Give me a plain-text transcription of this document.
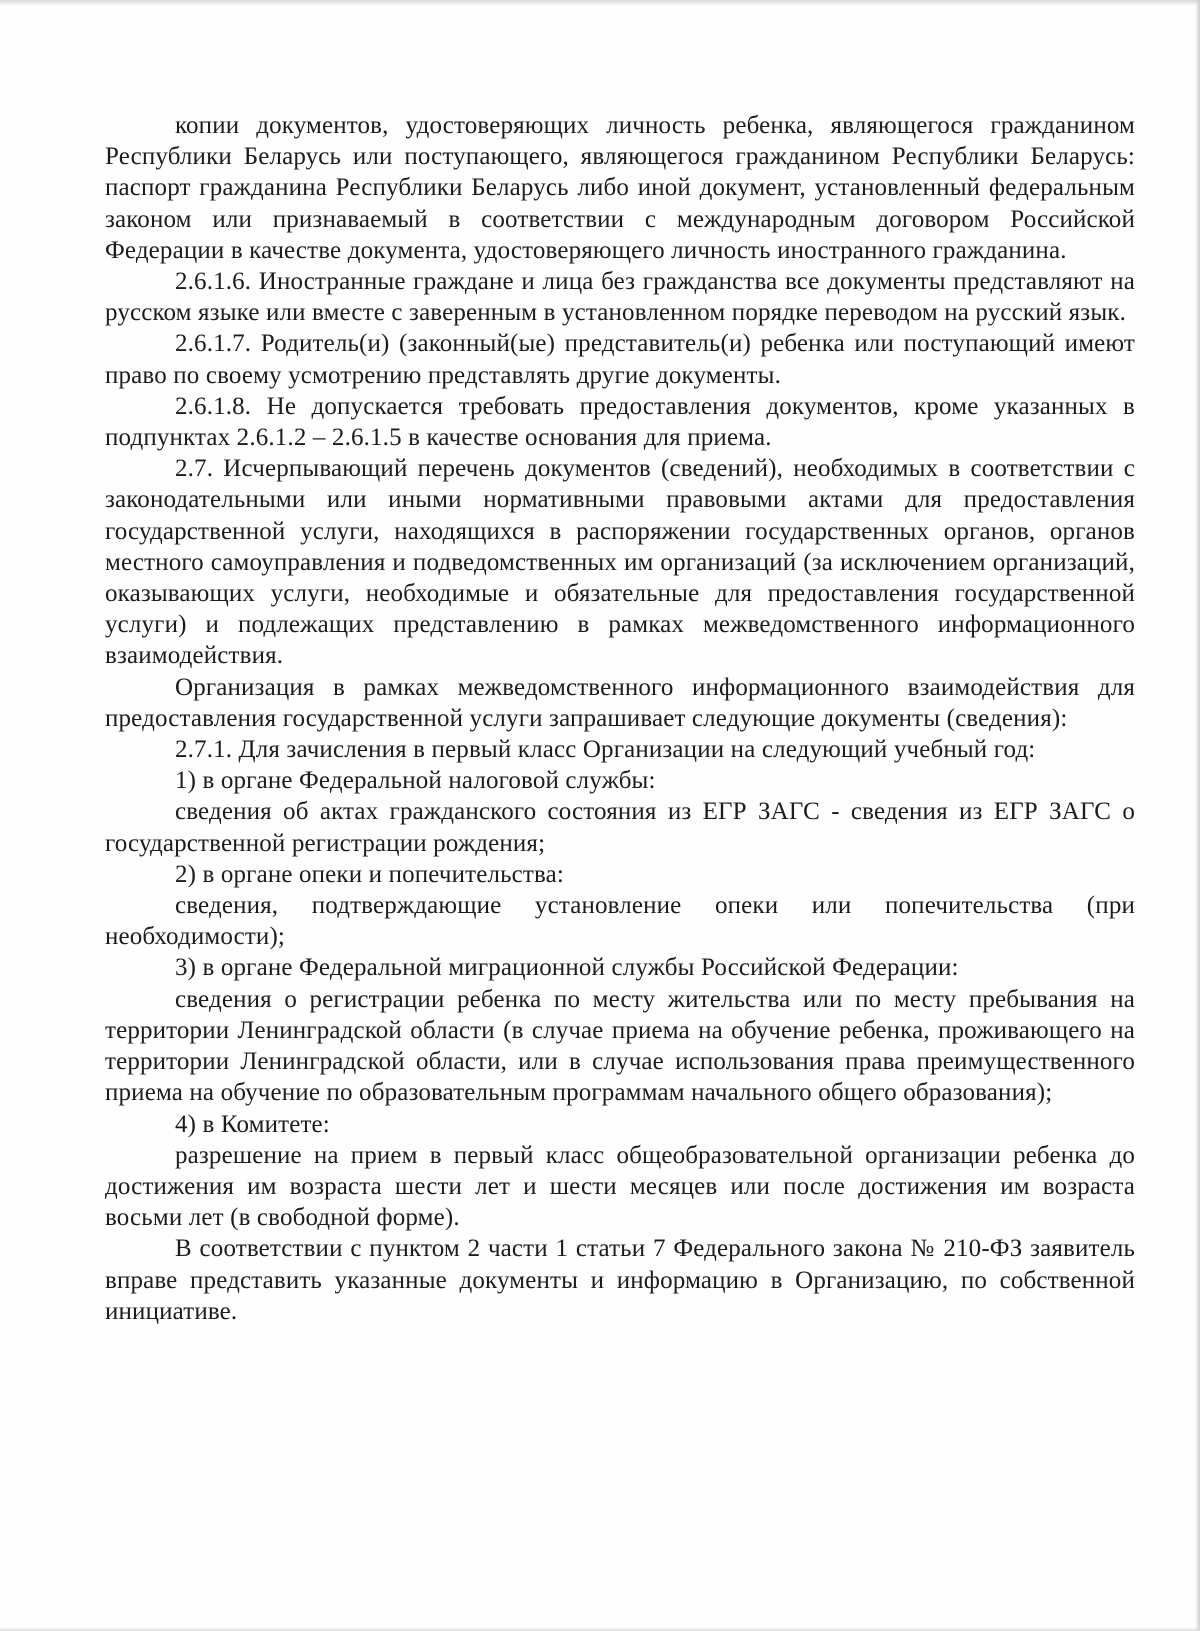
копии документов, удостоверяющих личность ребенка, являющегося гражданином Республики Беларусь или поступающего, являющегося гражданином Республики Беларусь: паспорт гражданина Республики Беларусь либо иной документ, установленный федеральным законом или признаваемый в соответствии с международным договором Российской Федерации в качестве документа, удостоверяющего личность иностранного гражданина.

2.6.1.6. Иностранные граждане и лица без гражданства все документы представляют на русском языке или вместе с заверенным в установленном порядке переводом на русский язык.

2.6.1.7. Родитель(и) (законный(ые) представитель(и) ребенка или поступающий имеют право по своему усмотрению представлять другие документы.

2.6.1.8. Не допускается требовать предоставления документов, кроме указанных в подпунктах 2.6.1.2 – 2.6.1.5 в качестве основания для приема.

2.7. Исчерпывающий перечень документов (сведений), необходимых в соответствии с законодательными или иными нормативными правовыми актами для предоставления государственной услуги, находящихся в распоряжении государственных органов, органов местного самоуправления и подведомственных им организаций (за исключением организаций, оказывающих услуги, необходимые и обязательные для предоставления государственной услуги) и подлежащих представлению в рамках межведомственного информационного взаимодействия.

Организация в рамках межведомственного информационного взаимодействия для предоставления государственной услуги запрашивает следующие документы (сведения):

2.7.1. Для зачисления в первый класс Организации на следующий учебный год:

1) в органе Федеральной налоговой службы:

сведения об актах гражданского состояния из ЕГР ЗАГС - сведения из ЕГР ЗАГС о государственной регистрации рождения;

2) в органе опеки и попечительства:

сведения, подтверждающие установление опеки или попечительства (при необходимости);

3) в органе Федеральной миграционной службы Российской Федерации:

сведения о регистрации ребенка по месту жительства или по месту пребывания на территории Ленинградской области (в случае приема на обучение ребенка, проживающего на территории Ленинградской области, или в случае использования права преимущественного приема на обучение по образовательным программам начального общего образования);

4) в Комитете:

разрешение на прием в первый класс общеобразовательной организации ребенка до достижения им возраста шести лет и шести месяцев или после достижения им возраста восьми лет (в свободной форме).

В соответствии с пунктом 2 части 1 статьи 7 Федерального закона № 210-ФЗ заявитель вправе представить указанные документы и информацию в Организацию, по собственной инициативе.
